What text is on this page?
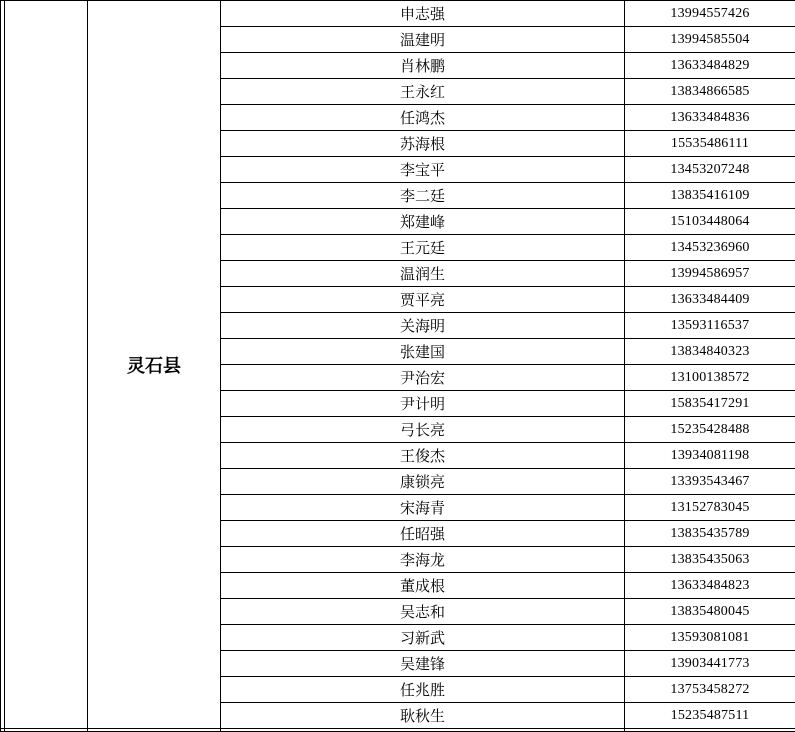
		灵石县	申志强	13994557426
			温建明	13994585504
			肖林鹏	13633484829
			王永红	13834866585
			任鸿杰	13633484836
			苏海根	15535486111
			李宝平	13453207248
			李二廷	13835416109
			郑建峰	15103448064
			王元廷	13453236960
			温润生	13994586957
			贾平亮	13633484409
			关海明	13593116537
			张建国	13834840323
			尹治宏	13100138572
			尹计明	15835417291
			弓长亮	15235428488
			王俊杰	13934081198
			康锁亮	13393543467
			宋海青	13152783045
			任昭强	13835435789
			李海龙	13835435063
			董成根	13633484823
			吴志和	13835480045
			习新武	13593081081
			吴建锋	13903441773
			任兆胜	13753458272
			耿秋生	15235487511
